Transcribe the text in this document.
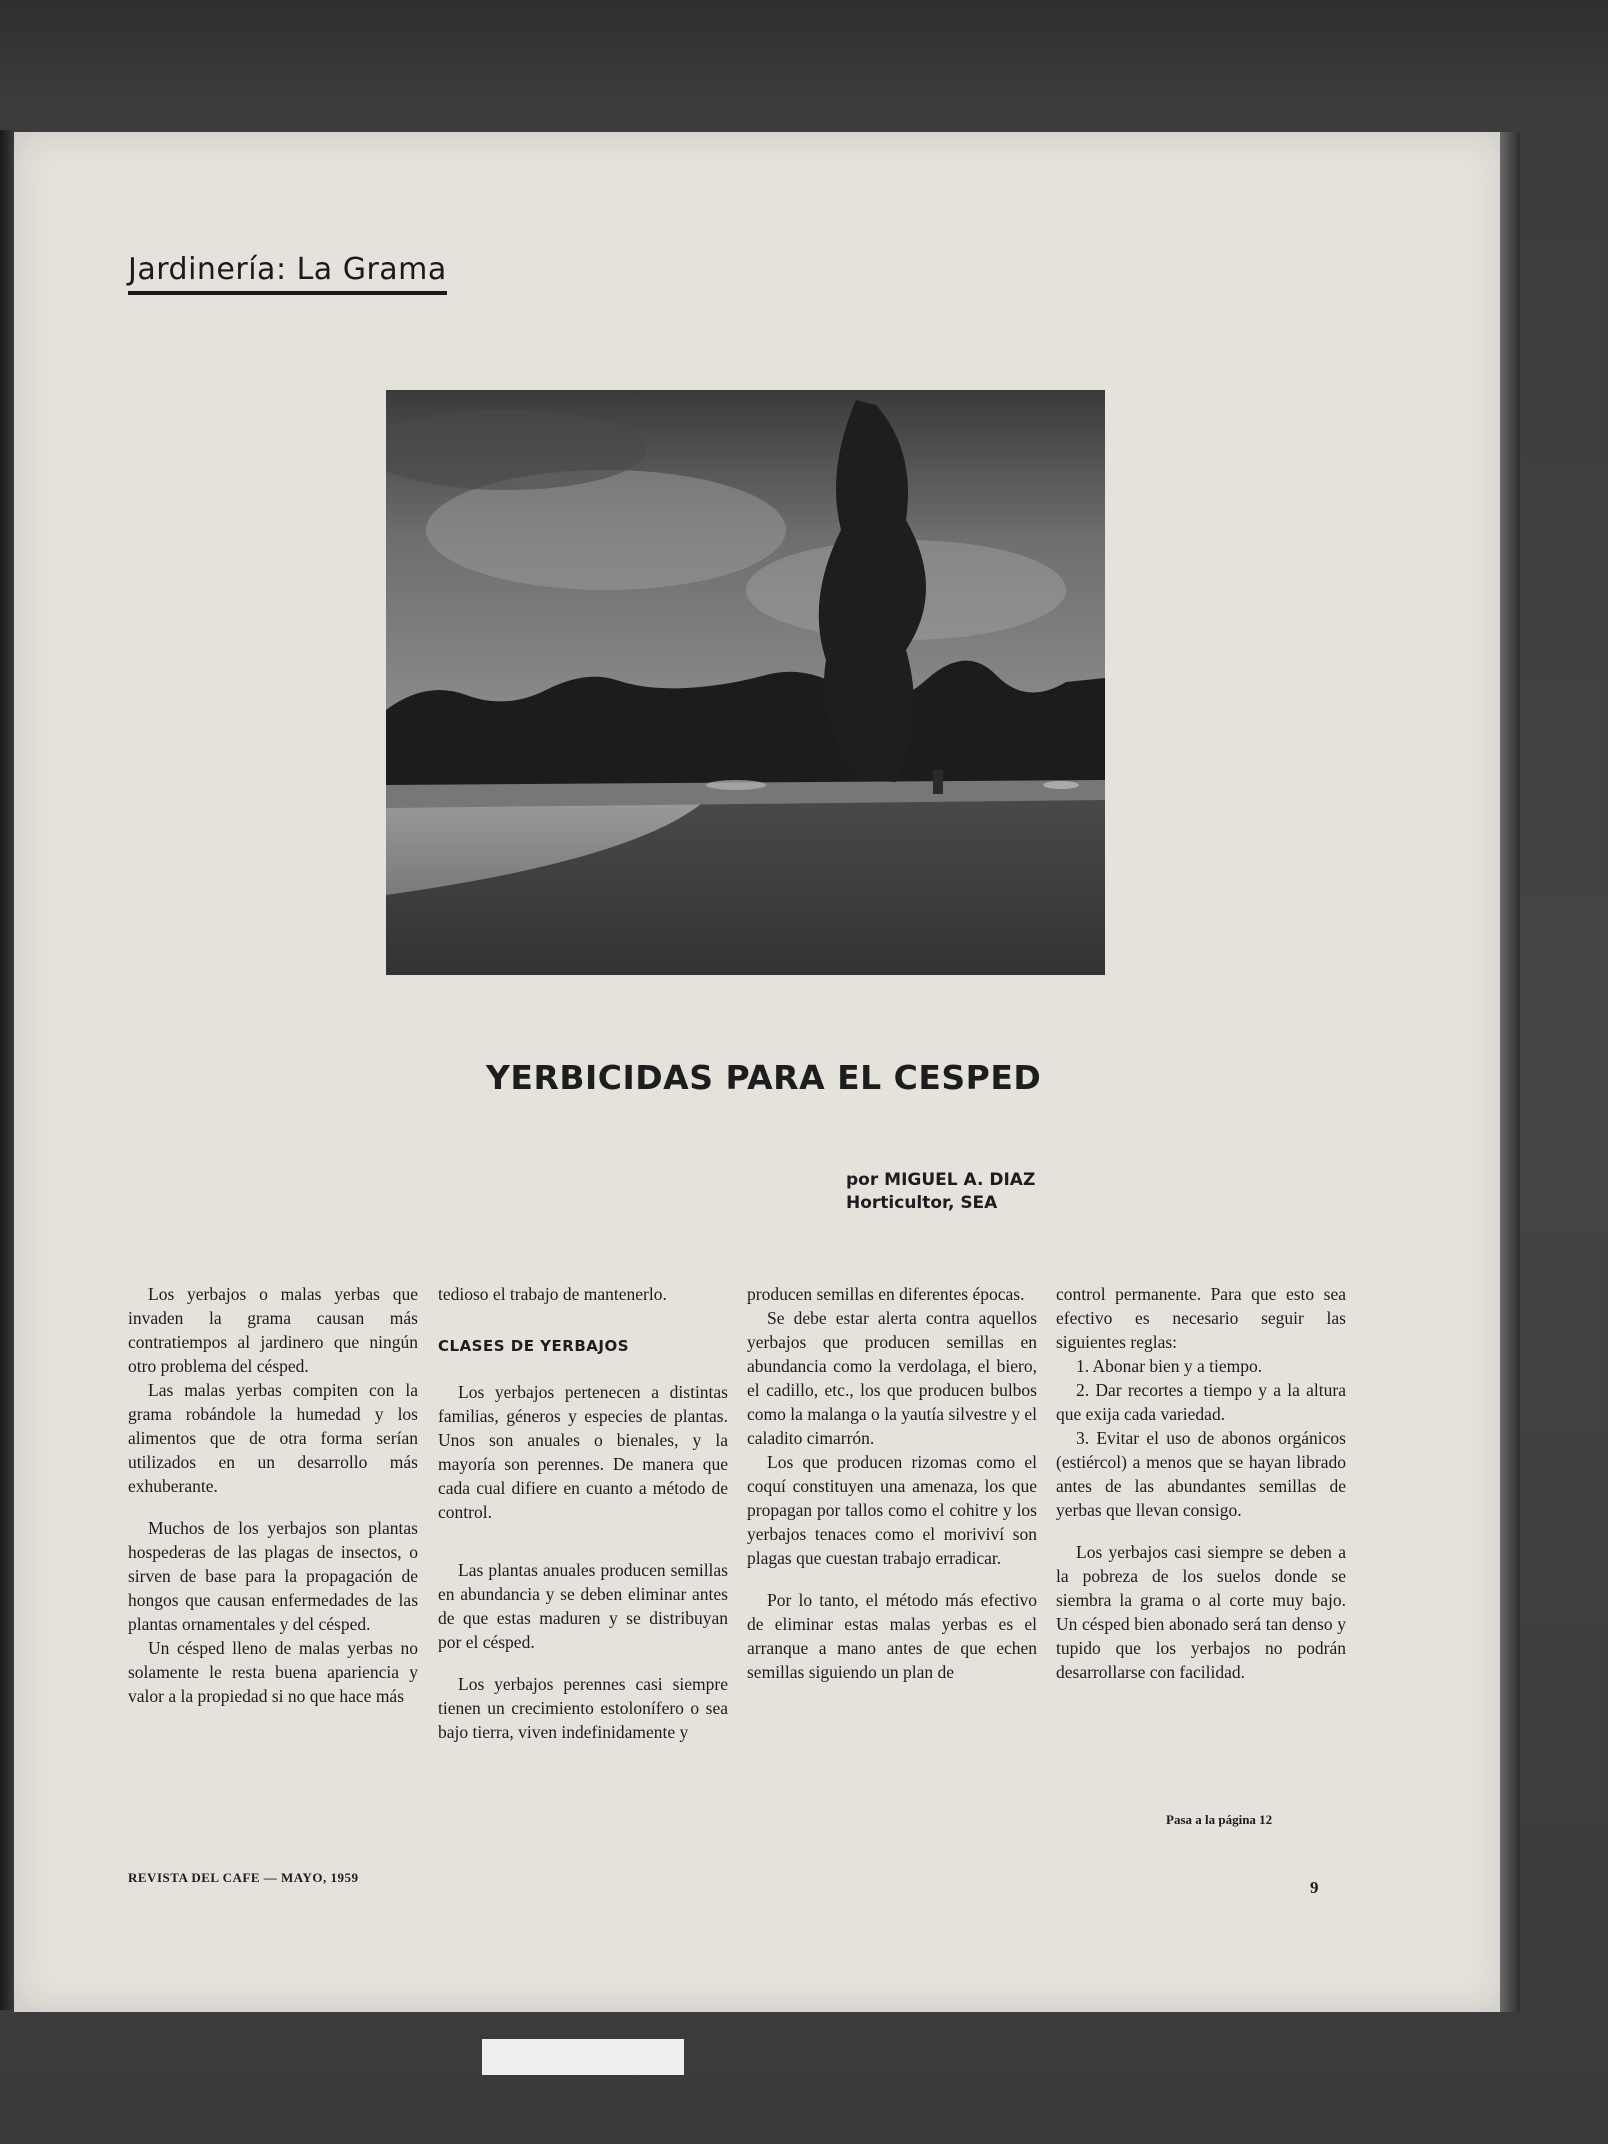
Jardinería: La Grama
YERBICIDAS PARA EL CESPED
por MIGUEL A. DIAZ
Horticultor, SEA

Los yerbajos o malas yerbas que invaden la grama causan más contratiempos al jardinero que ningún otro problema del césped.

Las malas yerbas compiten con la grama robándole la humedad y los alimentos que de otra forma serían utilizados en un desarrollo más exhuberante.

Muchos de los yerbajos son plantas hospederas de las plagas de insectos, o sirven de base para la propagación de hongos que causan enfermedades de las plantas ornamentales y del césped.

Un césped lleno de malas yerbas no solamente le resta buena apariencia y valor a la propiedad si no que hace más

tedioso el trabajo de mantenerlo.

CLASES DE YERBAJOS

Los yerbajos pertenecen a distintas familias, géneros y especies de plantas. Unos son anuales o bienales, y la mayoría son perennes. De manera que cada cual difiere en cuanto a método de control.

Las plantas anuales producen semillas en abundancia y se deben eliminar antes de que estas maduren y se distribuyan por el césped.

Los yerbajos perennes casi siempre tienen un crecimiento estolonífero o sea bajo tierra, viven indefinidamente y

producen semillas en diferentes épocas.

Se debe estar alerta contra aquellos yerbajos que producen semillas en abundancia como la verdolaga, el biero, el cadillo, etc., los que producen bulbos como la malanga o la yautía silvestre y el caladito cimarrón.

Los que producen rizomas como el coquí constituyen una amenaza, los que propagan por tallos como el cohitre y los yerbajos tenaces como el moriviví son plagas que cuestan trabajo erradicar.

Por lo tanto, el método más efectivo de eliminar estas malas yerbas es el arranque a mano antes de que echen semillas siguiendo un plan de

control permanente. Para que esto sea efectivo es necesario seguir las siguientes reglas:

1. Abonar bien y a tiempo.
2. Dar recortes a tiempo y a la altura que exija cada variedad.
3. Evitar el uso de abonos orgánicos (estiércol) a menos que se hayan librado antes de las abundantes semillas de yerbas que llevan consigo.

Los yerbajos casi siempre se deben a la pobreza de los suelos donde se siembra la grama o al corte muy bajo. Un césped bien abonado será tan denso y tupido que los yerbajos no podrán desarrollarse con facilidad.

Pasa a la página 12
REVISTA DEL CAFE — MAYO, 1959
9
